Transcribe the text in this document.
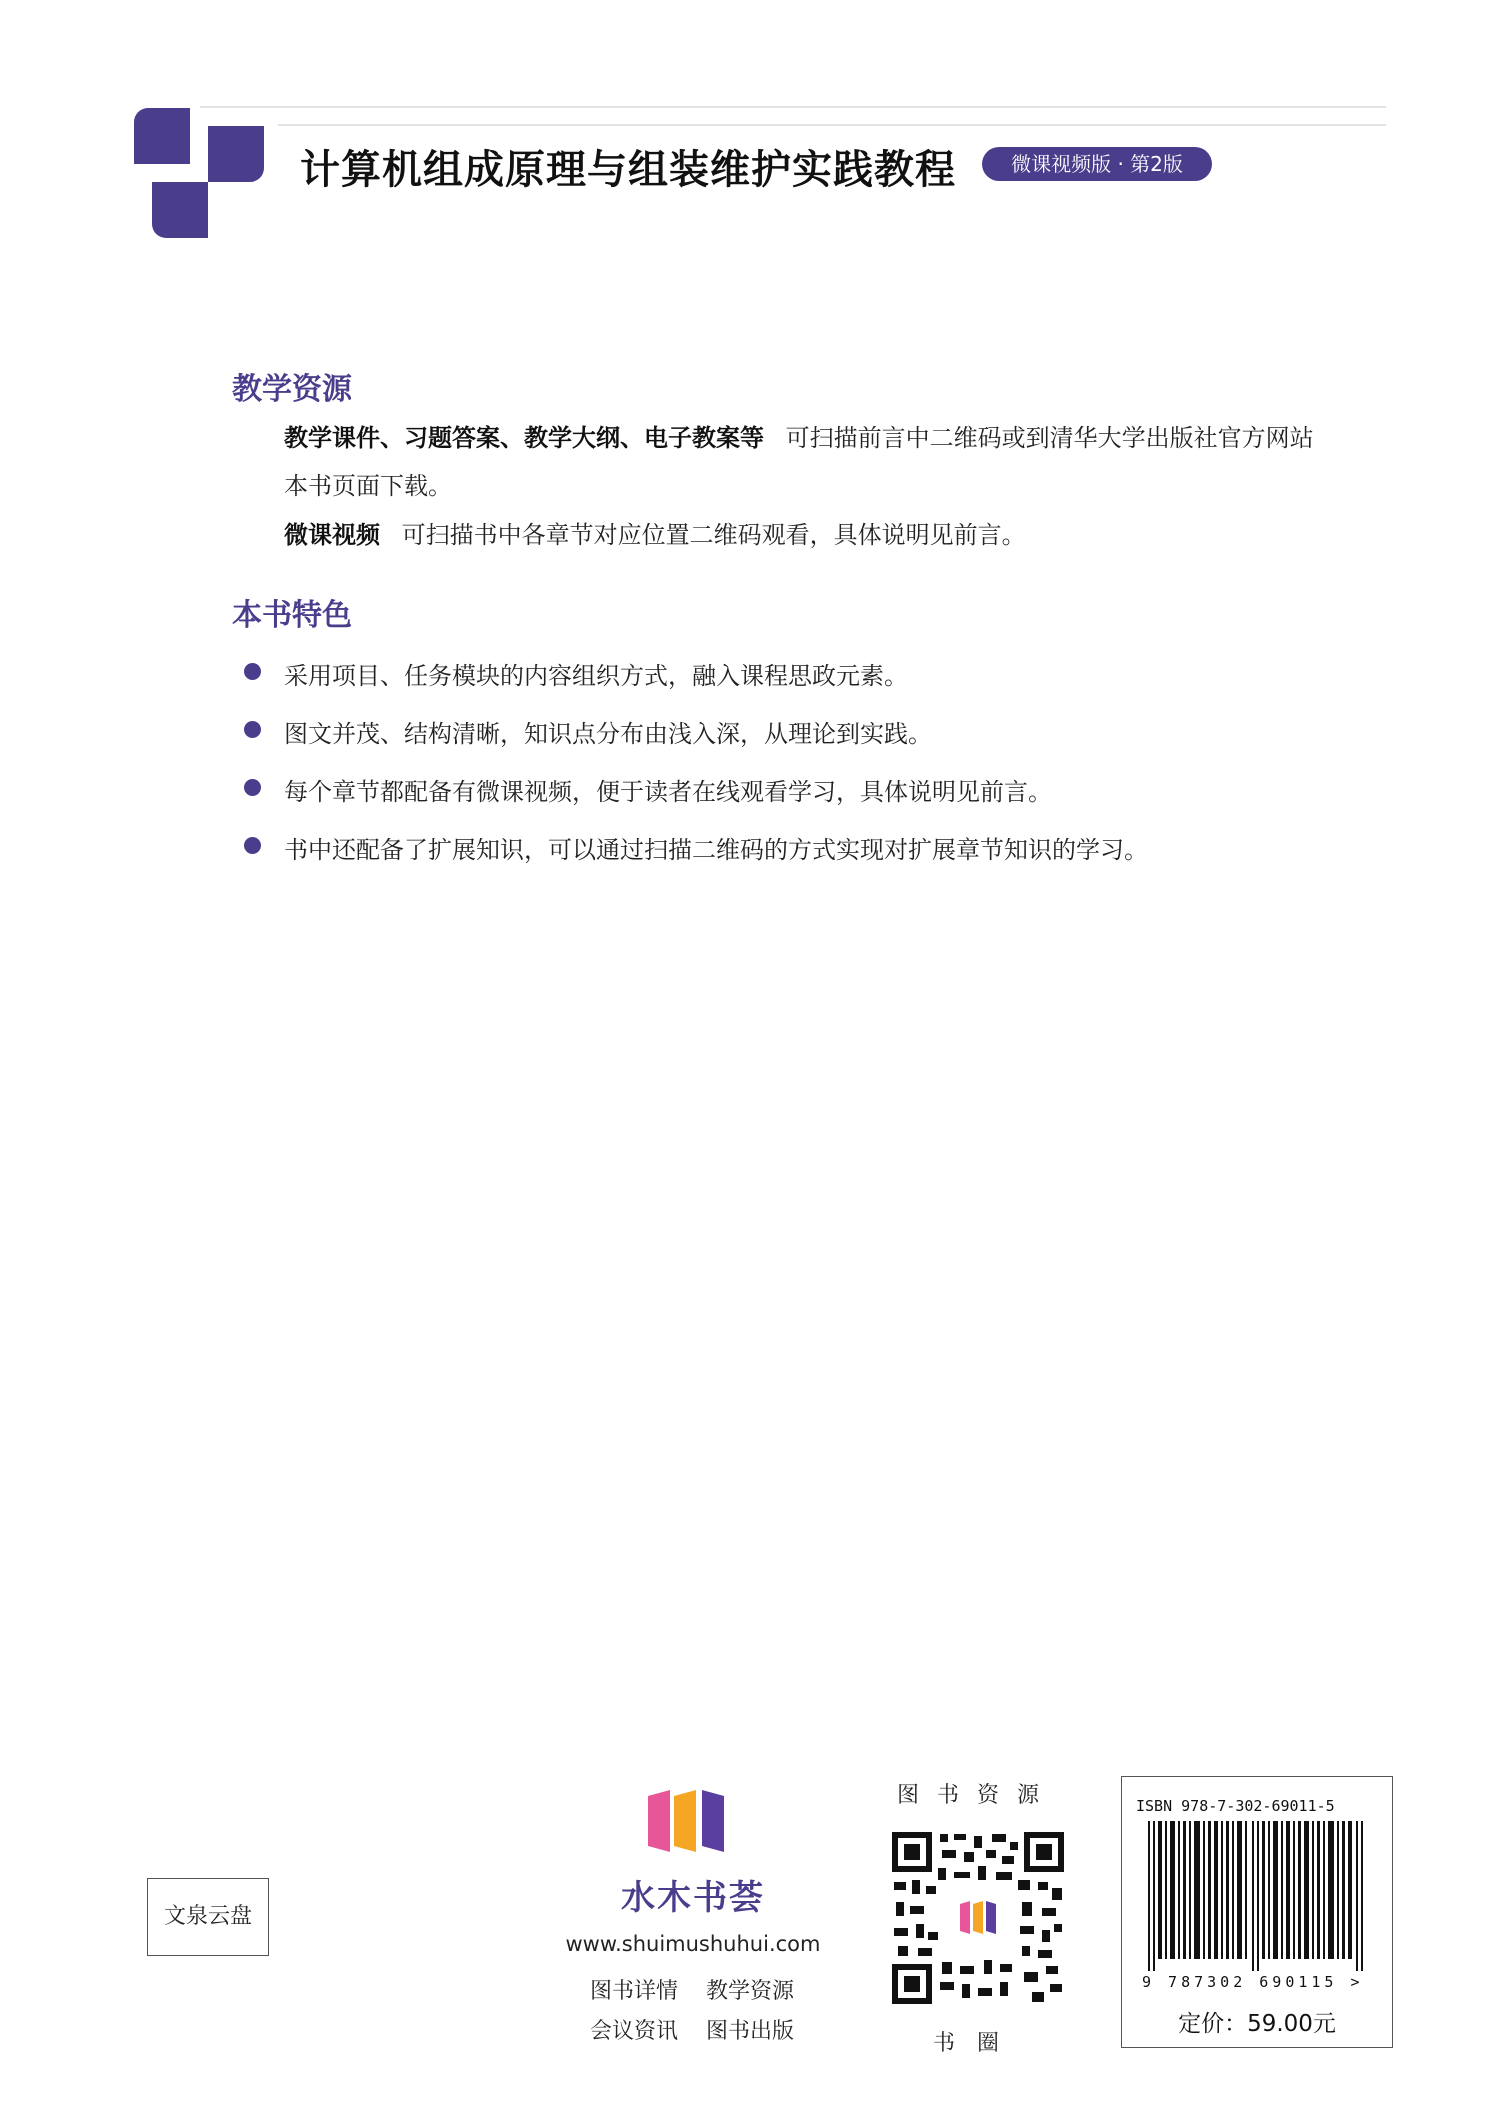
计算机组成原理与组装维护实践教程	微课视频版 · 第2版
教学资源
教学课件、习题答案、教学大纲、电子教案等 可扫描前言中二维码或到清华大学出版社官方网站
本书页面下载。
微课视频 可扫描书中各章节对应位置二维码观看，具体说明见前言。
本书特色
采用项目、任务模块的内容组织方式，融入课程思政元素。
图文并茂、结构清晰，知识点分布由浅入深，从理论到实践。
每个章节都配备有微课视频，便于读者在线观看学习，具体说明见前言。
书中还配备了扩展知识，可以通过扫描二维码的方式实现对扩展章节知识的学习。
文泉云盘	水木书荟
www.shuimushuhui.com
图书详情 教学资源
会议资讯 图书出版
图书资源
书圈
ISBN 978-7-302-69011-5
9 787302 690115 >
定价：59.00元
